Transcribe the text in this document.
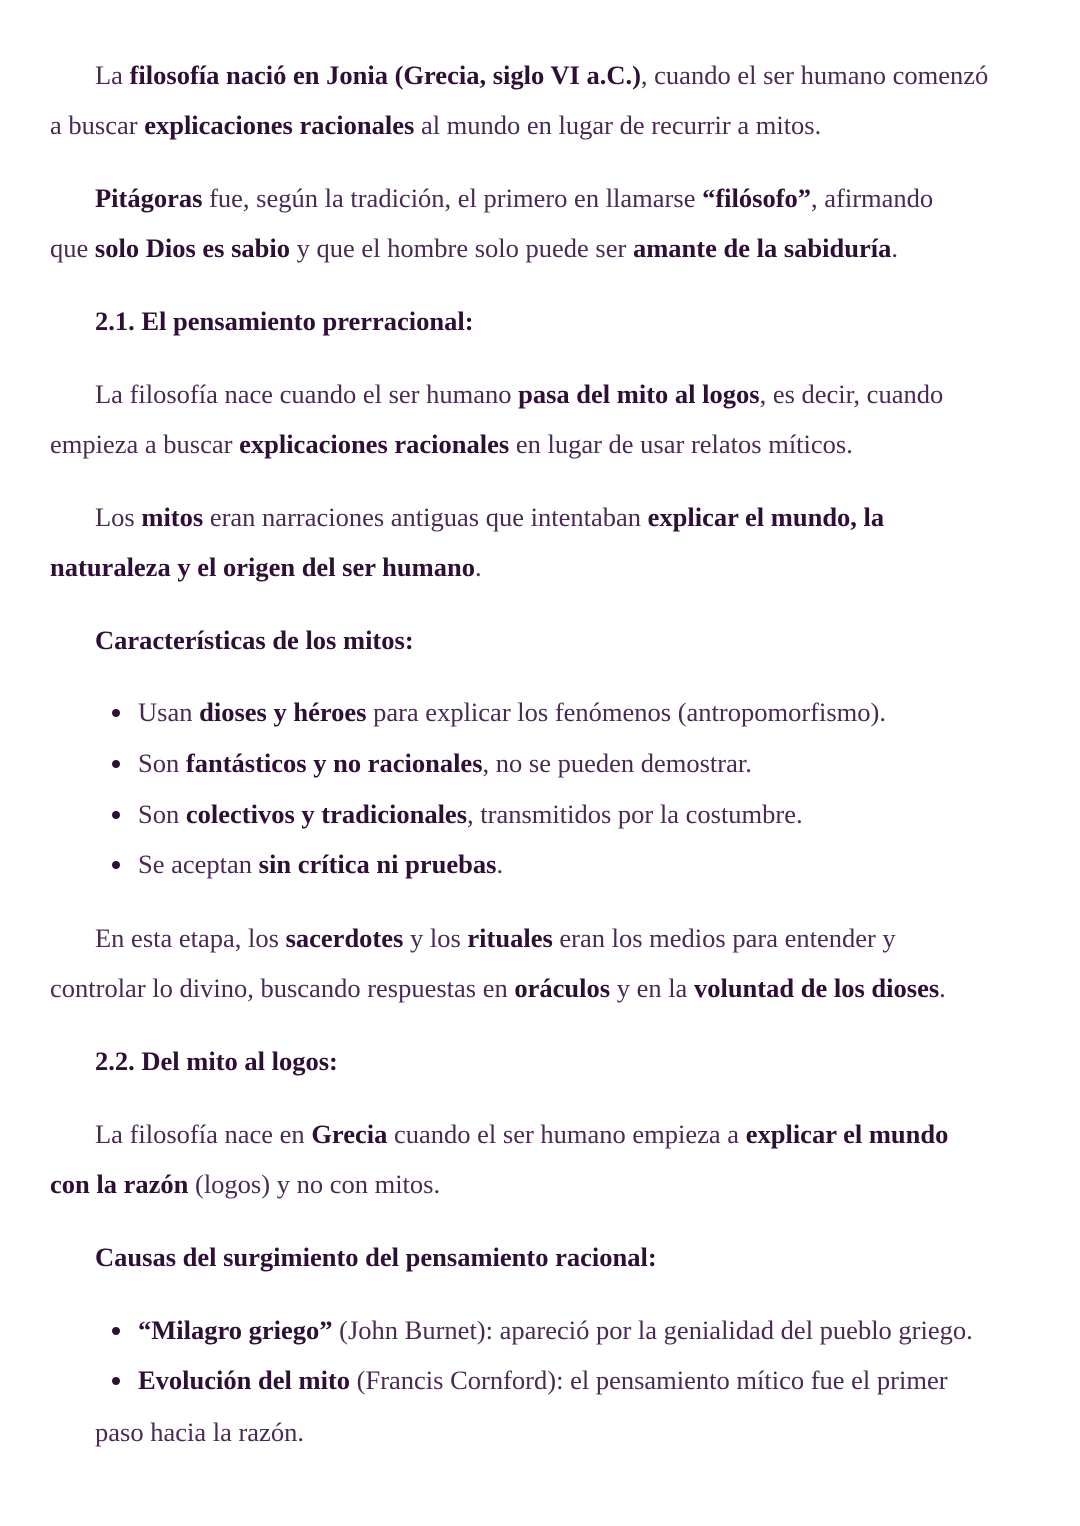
La filosofía nació en Jonia (Grecia, siglo VI a.C.), cuando el ser humano comenzó
a buscar explicaciones racionales al mundo en lugar de recurrir a mitos.
Pitágoras fue, según la tradición, el primero en llamarse “filósofo”, afirmando
que solo Dios es sabio y que el hombre solo puede ser amante de la sabiduría.
2.1. El pensamiento prerracional:
La filosofía nace cuando el ser humano pasa del mito al logos, es decir, cuando
empieza a buscar explicaciones racionales en lugar de usar relatos míticos.
Los mitos eran narraciones antiguas que intentaban explicar el mundo, la
naturaleza y el origen del ser humano.
Características de los mitos:
Usan dioses y héroes para explicar los fenómenos (antropomorfismo).
Son fantásticos y no racionales, no se pueden demostrar.
Son colectivos y tradicionales, transmitidos por la costumbre.
Se aceptan sin crítica ni pruebas.
En esta etapa, los sacerdotes y los rituales eran los medios para entender y
controlar lo divino, buscando respuestas en oráculos y en la voluntad de los dioses.
2.2. Del mito al logos:
La filosofía nace en Grecia cuando el ser humano empieza a explicar el mundo
con la razón (logos) y no con mitos.
Causas del surgimiento del pensamiento racional:
“Milagro griego” (John Burnet): apareció por la genialidad del pueblo griego.
Evolución del mito (Francis Cornford): el pensamiento mítico fue el primer
paso hacia la razón.
